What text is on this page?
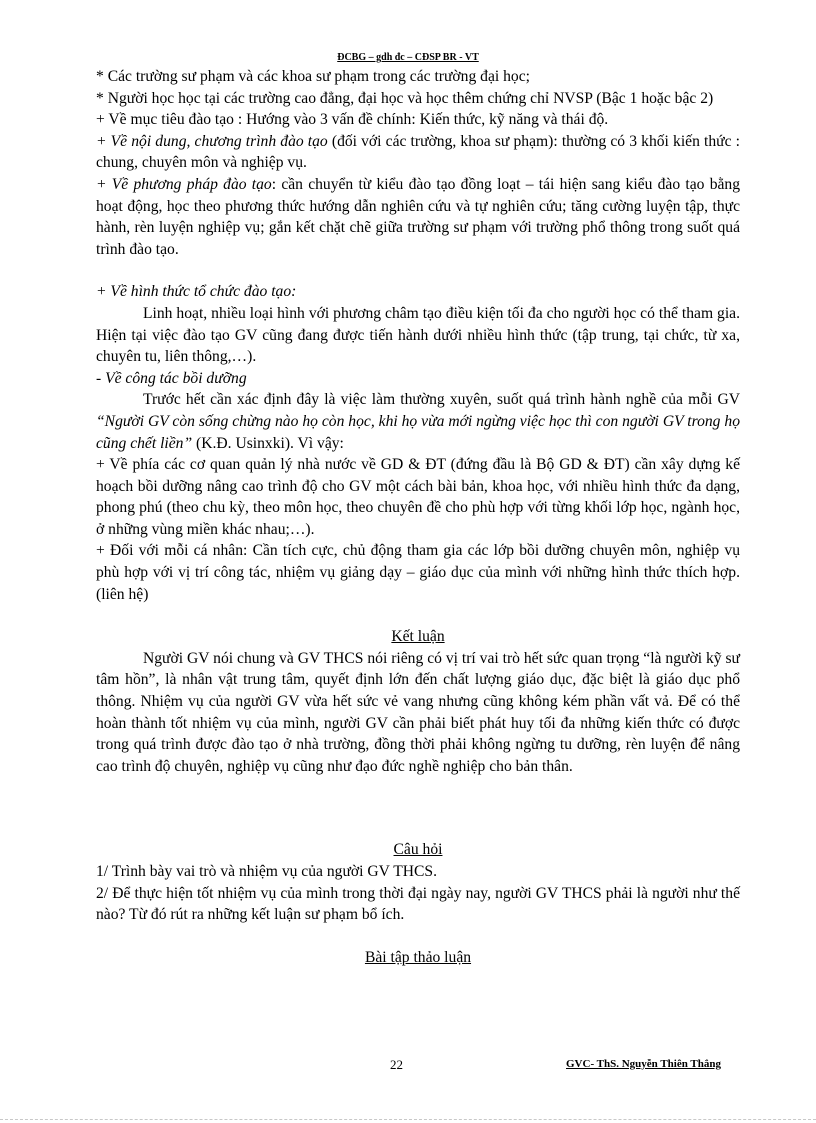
ĐCBG – gdh đc – CĐSP BR - VT

* Các trường sư phạm và các khoa sư phạm trong các trường đại học;

* Người học học tại các trường cao đẳng, đại học và học thêm chứng chỉ NVSP (Bậc 1 hoặc bậc 2)

+ Về mục tiêu đào tạo : Hướng vào 3 vấn đề chính: Kiến thức, kỹ năng và thái độ.

+ Về nội dung, chương trình đào tạo (đối với các trường, khoa sư phạm): thường có 3 khối kiến thức : chung, chuyên môn và nghiệp vụ.

+ Về phương pháp đào tạo: cần chuyển từ kiểu đào tạo đồng loạt – tái hiện sang kiểu đào tạo bằng hoạt động, học theo phương thức hướng dẫn nghiên cứu và tự nghiên cứu; tăng cường luyện tập, thực hành, rèn luyện nghiệp vụ; gắn kết chặt chẽ giữa trường sư phạm với trường phổ thông trong suốt quá trình đào tạo.

+ Về hình thức tổ chức đào tạo:

Linh hoạt, nhiều loại hình với phương châm tạo điều kiện tối đa cho người học có thể tham gia. Hiện tại việc đào tạo GV cũng đang được tiến hành dưới nhiều hình thức (tập trung, tại chức, từ xa, chuyên tu, liên thông,…).

- Về công tác bồi dưỡng

Trước hết cần xác định đây là việc làm thường xuyên, suốt quá trình hành nghề của mỗi GV “Người GV còn sống chừng nào họ còn học, khi họ vừa mới ngừng việc học thì con người GV trong họ cũng chết liền” (K.Đ. Usinxki). Vì vậy:

+ Về phía các cơ quan quản lý nhà nước về GD & ĐT (đứng đầu là Bộ GD & ĐT) cần xây dựng kế hoạch bồi dưỡng nâng cao trình độ cho GV một cách bài bản, khoa học, với nhiều hình thức đa dạng, phong phú (theo chu kỳ, theo môn học, theo chuyên đề cho phù hợp với từng khối lớp học, ngành học, ở những vùng miền khác nhau;…).

+ Đối với mỗi cá nhân: Cần tích cực, chủ động tham gia các lớp bồi dưỡng chuyên môn, nghiệp vụ phù hợp với vị trí công tác, nhiệm vụ giảng dạy – giáo dục của mình với những hình thức thích hợp. (liên hệ)

Kết luận

Người GV nói chung và GV THCS nói riêng có vị trí vai trò hết sức quan trọng “là người kỹ sư tâm hồn”, là nhân vật trung tâm, quyết định lớn đến chất lượng giáo dục, đặc biệt là giáo dục phổ thông. Nhiệm vụ của người GV vừa hết sức vẻ vang nhưng cũng không kém phần vất vả. Để có thể hoàn thành tốt nhiệm vụ của mình, người GV cần phải biết phát huy tối đa những kiến thức có được trong quá trình được đào tạo ở nhà trường, đồng thời phải không ngừng tu dưỡng, rèn luyện để nâng cao trình độ chuyên, nghiệp vụ cũng như đạo đức nghề nghiệp cho bản thân.

Câu hỏi

1/ Trình bày vai trò và nhiệm vụ của người GV THCS.

2/ Để thực hiện tốt nhiệm vụ của mình trong thời đại ngày nay, người GV THCS phải là người như thế nào? Từ đó rút ra những kết luận sư phạm bổ ích.

Bài tập thảo luận

22	GVC- ThS. Nguyễn Thiên Thắng
